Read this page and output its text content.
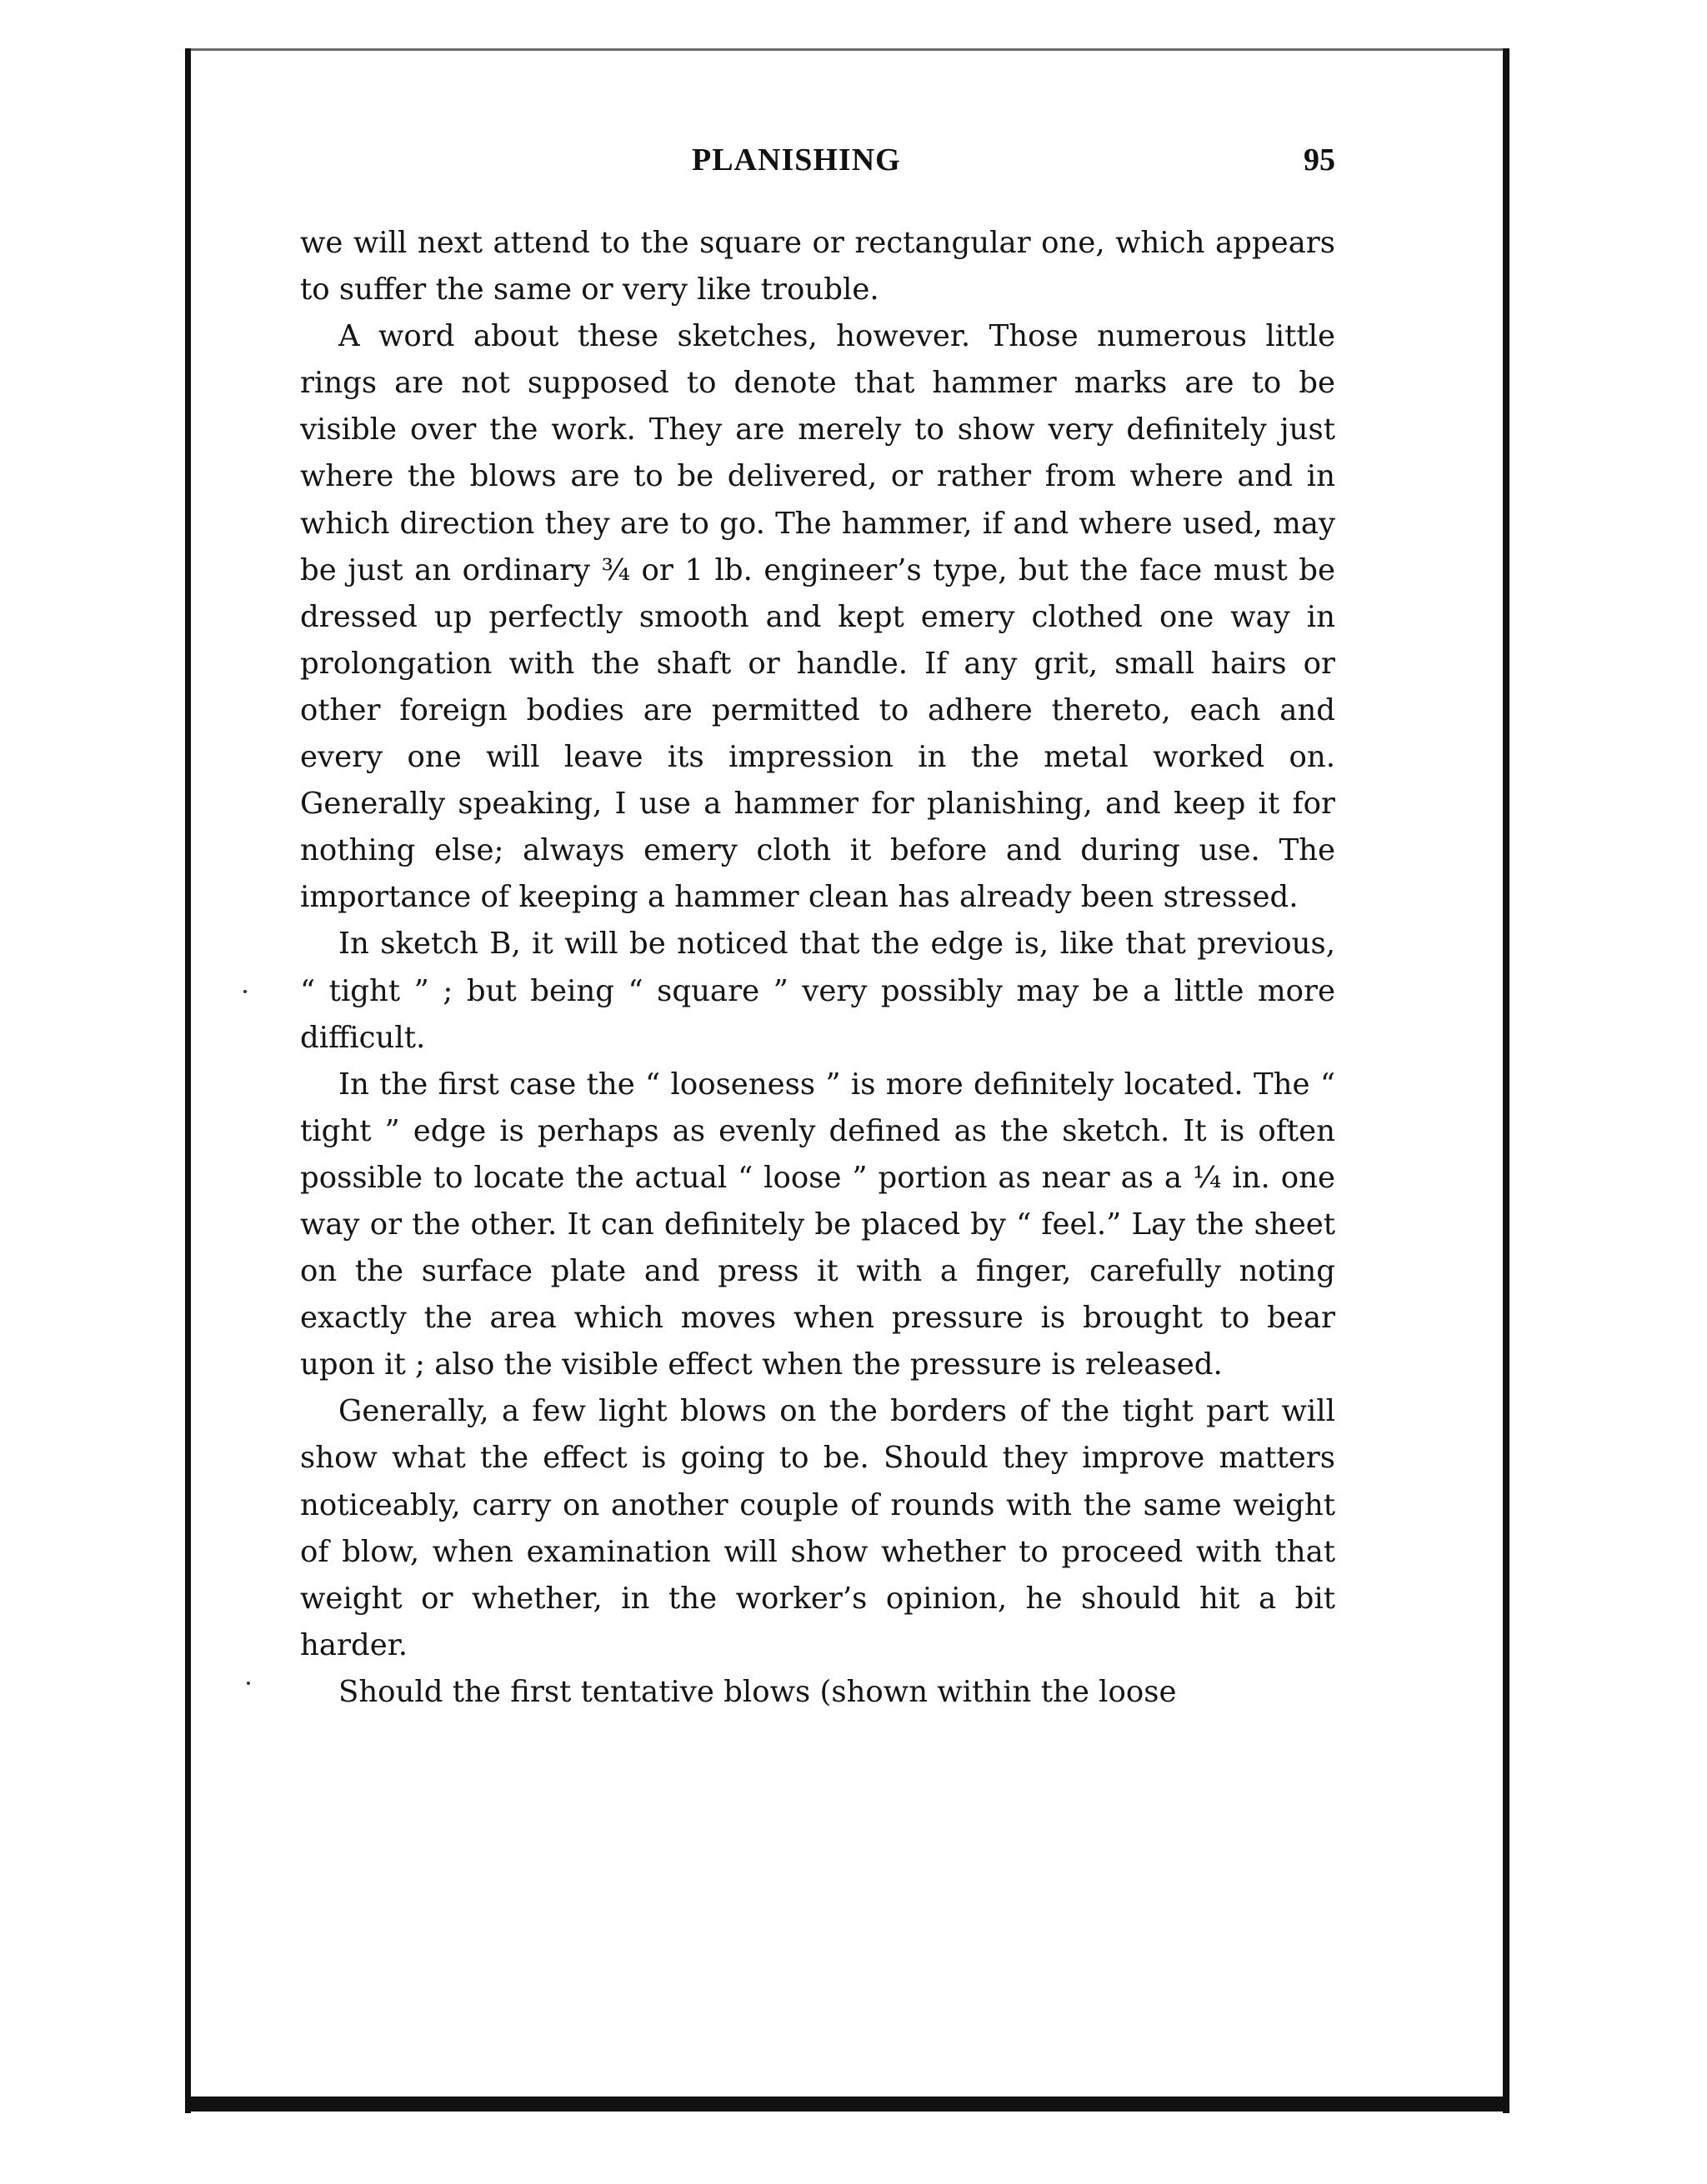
PLANISHING	95

we will next attend to the square or rectangular one, which appears to suffer the same or very like trouble.

A word about these sketches, however. Those numerous little rings are not supposed to denote that hammer marks are to be visible over the work. They are merely to show very definitely just where the blows are to be delivered, or rather from where and in which direction they are to go. The hammer, if and where used, may be just an ordinary ¾ or 1 lb. engineer’s type, but the face must be dressed up perfectly smooth and kept emery clothed one way in prolongation with the shaft or handle. If any grit, small hairs or other foreign bodies are permitted to adhere thereto, each and every one will leave its impression in the metal worked on. Generally speaking, I use a hammer for planishing, and keep it for nothing else; always emery cloth it before and during use. The importance of keeping a hammer clean has already been stressed.

In sketch B, it will be noticed that the edge is, like that previous, “ tight ” ; but being “ square ” very possibly may be a little more difficult.

In the first case the “ looseness ” is more definitely located. The “ tight ” edge is perhaps as evenly defined as the sketch. It is often possible to locate the actual “ loose ” portion as near as a ¼ in. one way or the other. It can definitely be placed by “ feel.” Lay the sheet on the surface plate and press it with a finger, carefully noting exactly the area which moves when pressure is brought to bear upon it ; also the visible effect when the pressure is released.

Generally, a few light blows on the borders of the tight part will show what the effect is going to be. Should they improve matters noticeably, carry on another couple of rounds with the same weight of blow, when examination will show whether to proceed with that weight or whether, in the worker’s opinion, he should hit a bit harder.

Should the first tentative blows (shown within the loose
